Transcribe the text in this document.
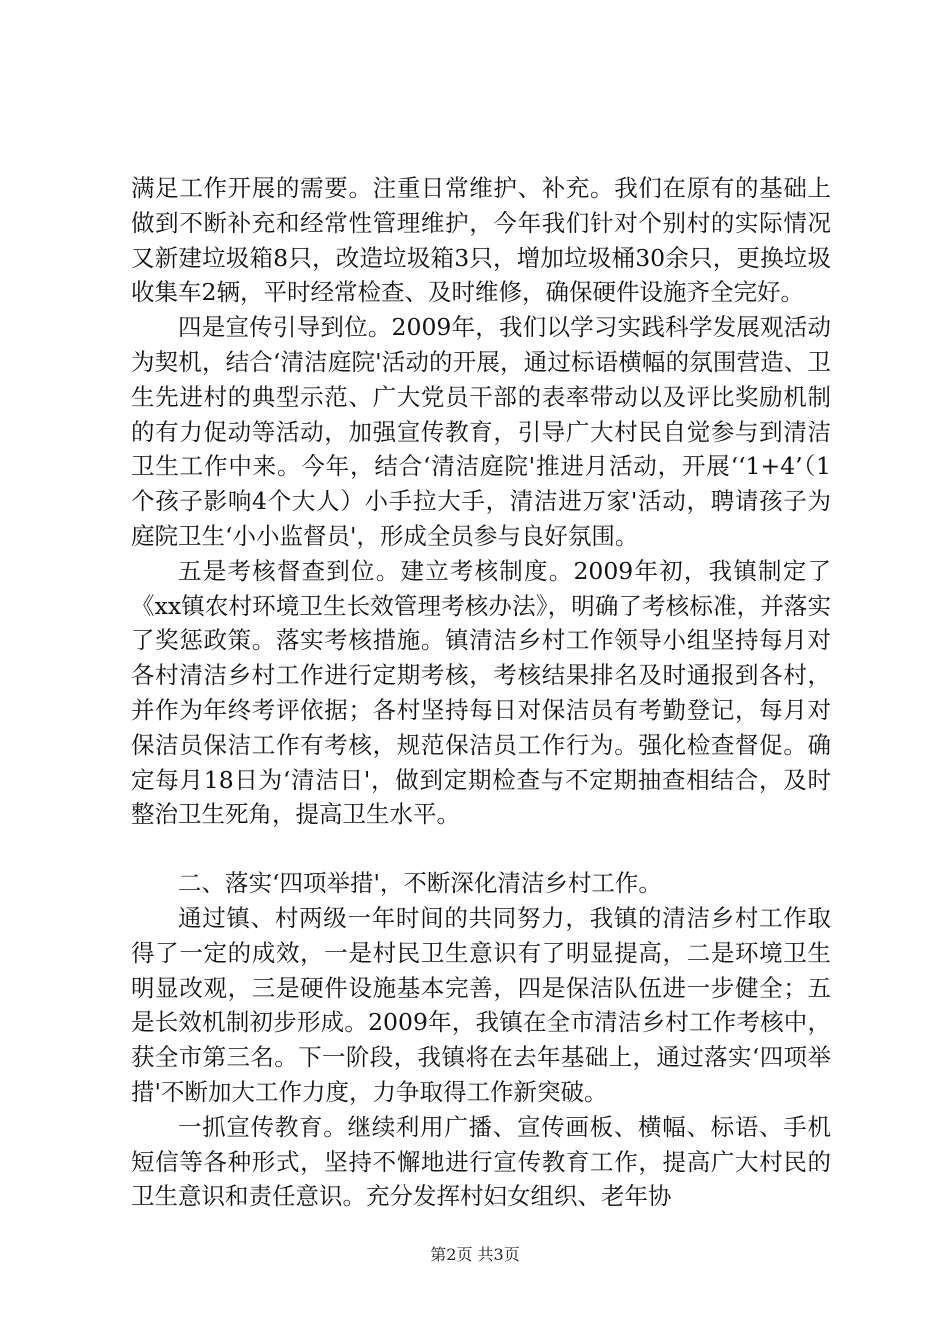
满足工作开展的需要。注重日常维护、补充。我们在原有的基础上做到不断补充和经常性管理维护，今年我们针对个别村的实际情况又新建垃圾箱8只，改造垃圾箱3只，增加垃圾桶30余只，更换垃圾收集车2辆，平时经常检查、及时维修，确保硬件设施齐全完好。

四是宣传引导到位。2009年，我们以学习实践科学发展观活动为契机，结合‘清洁庭院'活动的开展，通过标语横幅的氛围营造、卫生先进村的典型示范、广大党员干部的表率带动以及评比奖励机制的有力促动等活动，加强宣传教育，引导广大村民自觉参与到清洁卫生工作中来。今年，结合‘清洁庭院'推进月活动，开展‘‘1+4’（1个孩子影响4个大人）小手拉大手，清洁进万家'活动，聘请孩子为庭院卫生‘小小监督员'，形成全员参与良好氛围。

五是考核督查到位。建立考核制度。2009年初，我镇制定了《xx镇农村环境卫生长效管理考核办法》，明确了考核标准，并落实了奖惩政策。落实考核措施。镇清洁乡村工作领导小组坚持每月对各村清洁乡村工作进行定期考核，考核结果排名及时通报到各村，并作为年终考评依据；各村坚持每日对保洁员有考勤登记，每月对保洁员保洁工作有考核，规范保洁员工作行为。强化检查督促。确定每月18日为‘清洁日'，做到定期检查与不定期抽查相结合，及时整治卫生死角，提高卫生水平。

二、落实‘四项举措'，不断深化清洁乡村工作。

通过镇、村两级一年时间的共同努力，我镇的清洁乡村工作取得了一定的成效，一是村民卫生意识有了明显提高，二是环境卫生明显改观，三是硬件设施基本完善，四是保洁队伍进一步健全；五是长效机制初步形成。2009年，我镇在全市清洁乡村工作考核中，获全市第三名。下一阶段，我镇将在去年基础上，通过落实‘四项举措'不断加大工作力度，力争取得工作新突破。

一抓宣传教育。继续利用广播、宣传画板、横幅、标语、手机短信等各种形式，坚持不懈地进行宣传教育工作，提高广大村民的卫生意识和责任意识。充分发挥村妇女组织、老年协

第2页 共3页
